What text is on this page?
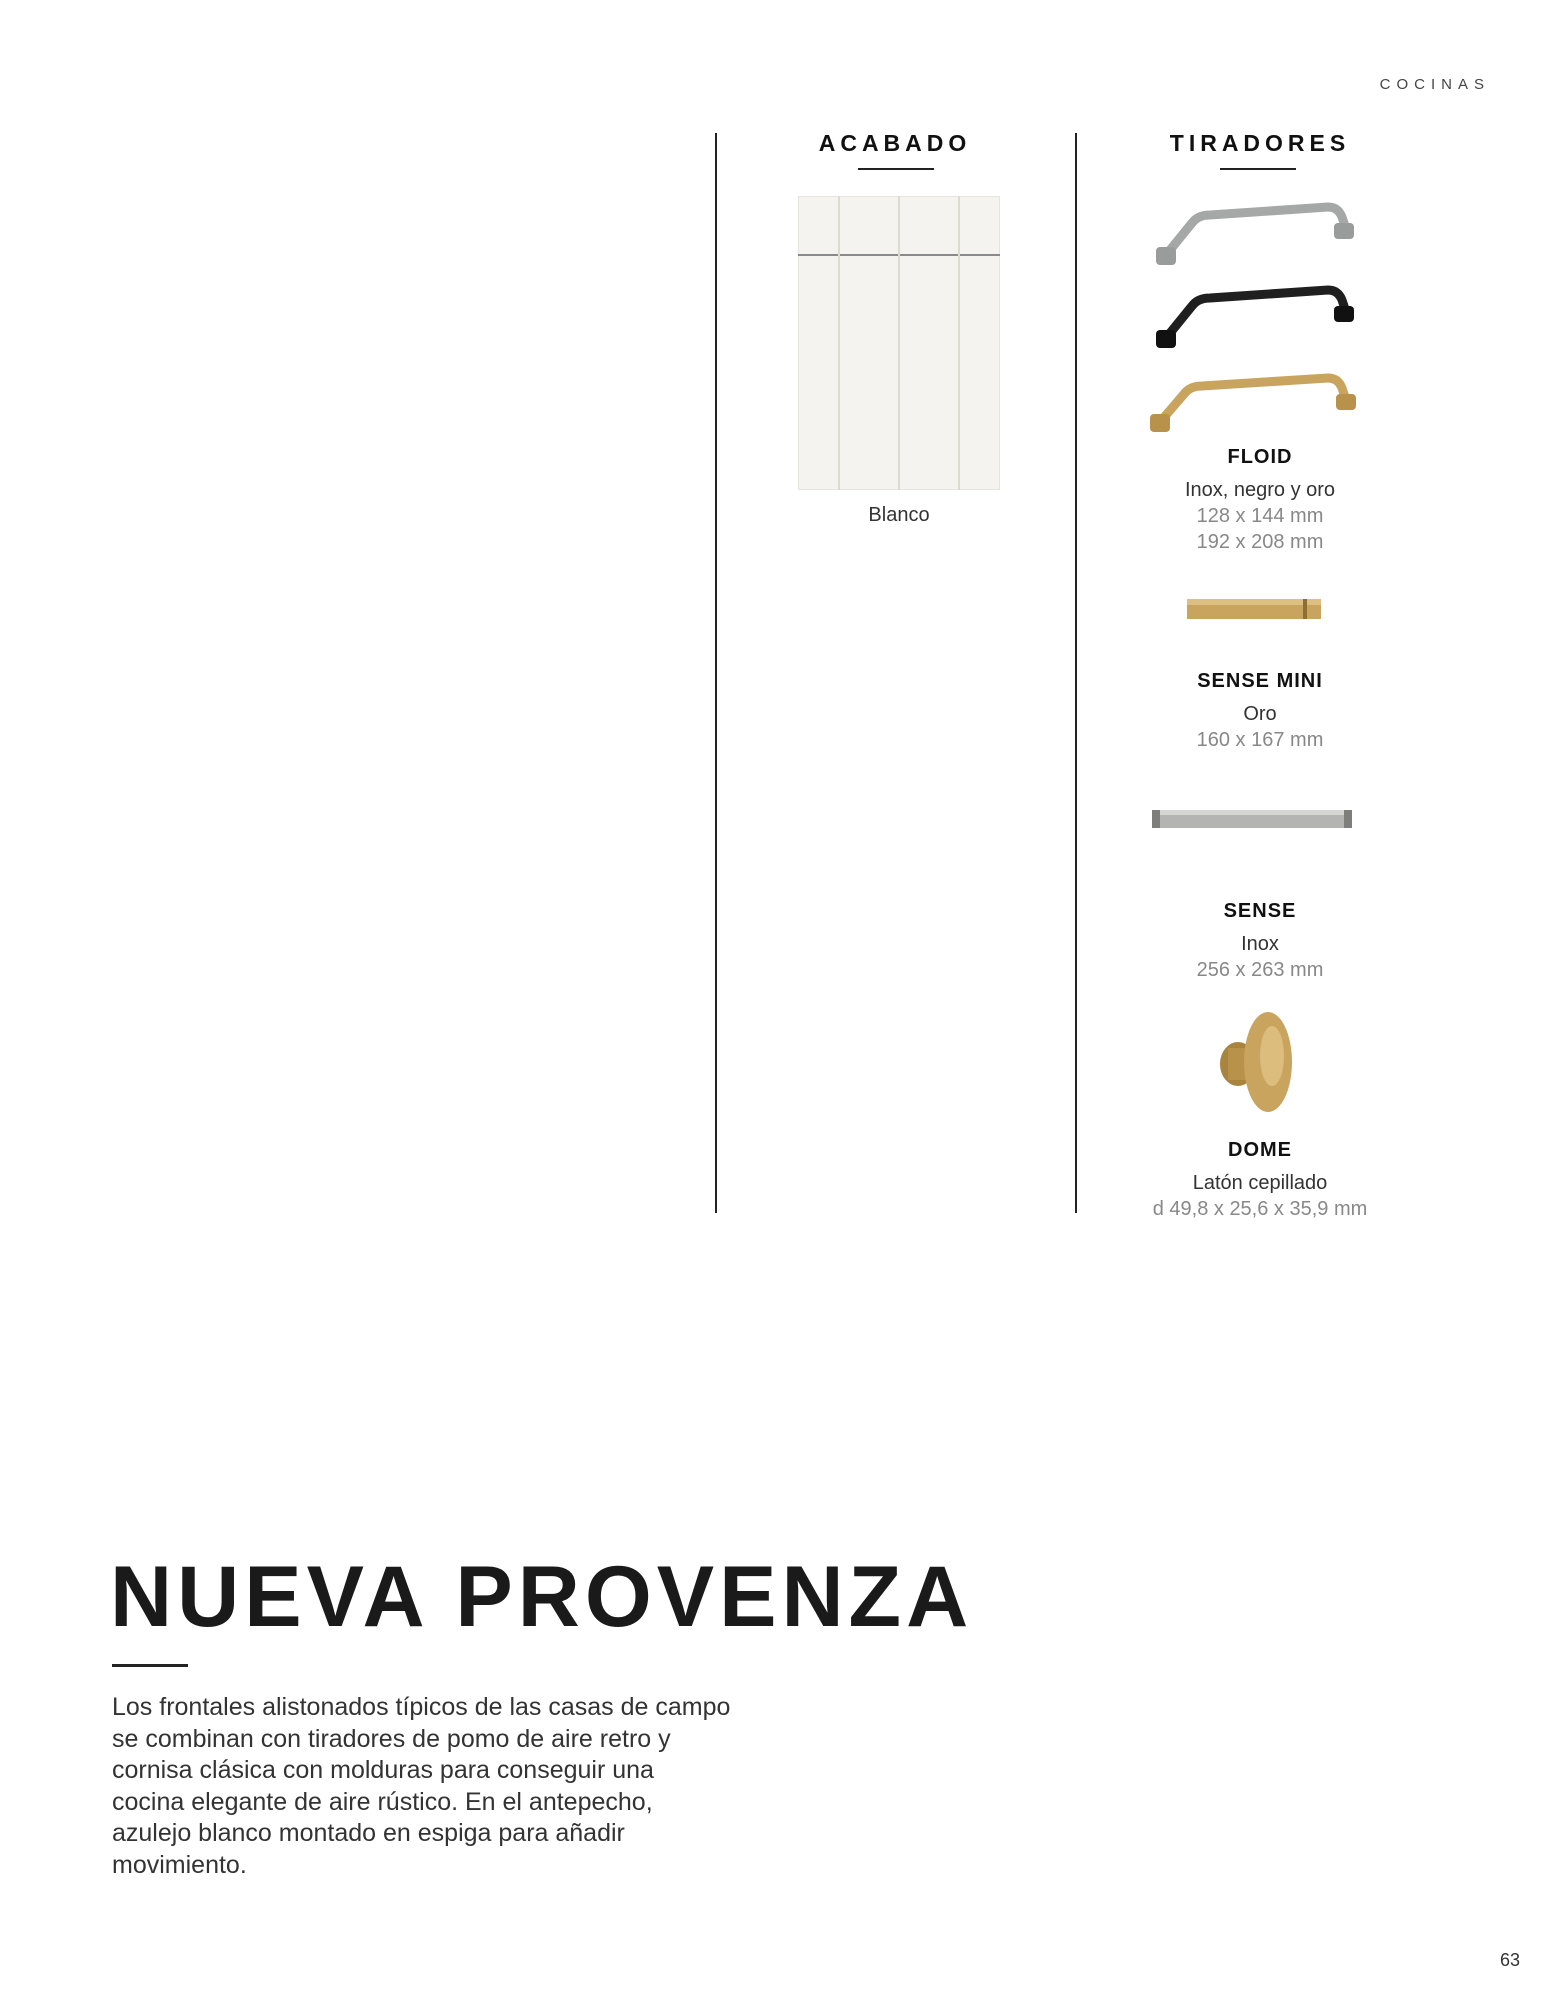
COCINAS
ACABADO
Blanco
TIRADORES
FLOID
Inox, negro y oro
128 x 144 mm
192 x 208 mm
SENSE MINI
Oro
160 x 167 mm
SENSE
Inox
256 x 263 mm
DOME
Latón cepillado
d 49,8 x 25,6 x 35,9 mm
NUEVA PROVENZA
Los frontales alistonados típicos de las casas de campo se combinan con tiradores de pomo de aire retro y cornisa clásica con molduras para conseguir una cocina elegante de aire rústico. En el antepecho, azulejo blanco montado en espiga para añadir movimiento.
63
